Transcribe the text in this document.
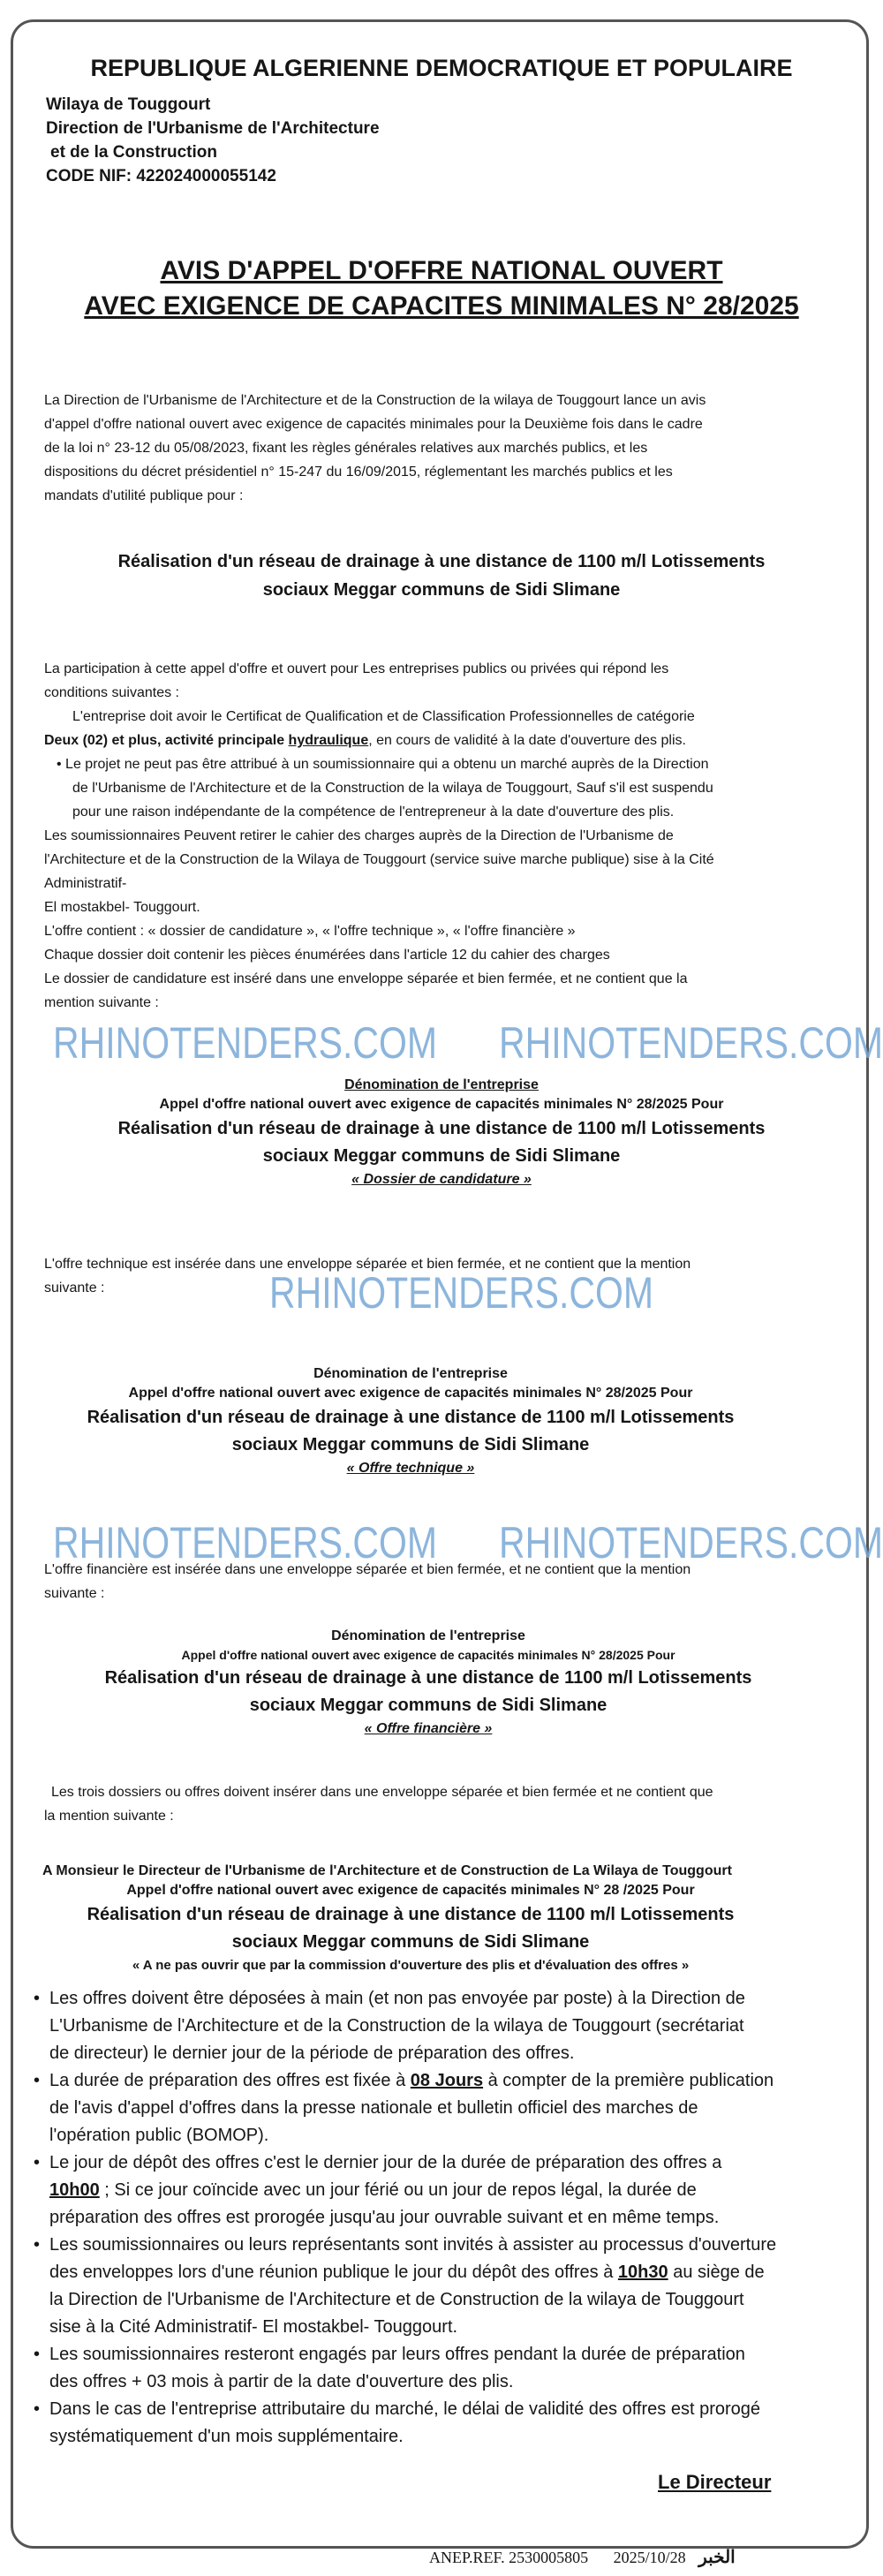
REPUBLIQUE ALGERIENNE DEMOCRATIQUE ET POPULAIRE
Wilaya de Touggourt
Direction de l'Urbanisme de l'Architecture
et de la Construction
CODE NIF: 422024000055142
AVIS D'APPEL D'OFFRE NATIONAL OUVERT
AVEC EXIGENCE DE CAPACITES MINIMALES N° 28/2025
La Direction de l'Urbanisme de l'Architecture et de la Construction de la wilaya de Touggourt lance un avis
d'appel d'offre national ouvert avec exigence de capacités minimales pour la Deuxième fois dans le cadre
de la loi n° 23-12 du 05/08/2023, fixant les règles générales relatives aux marchés publics, et les
dispositions du décret présidentiel n° 15-247 du 16/09/2015, réglementant les marchés publics et les
mandats d'utilité publique pour :
Réalisation d'un réseau de drainage à une distance de 1100 m/l Lotissements
sociaux Meggar communs de Sidi Slimane
La participation à cette appel d'offre et ouvert pour Les entreprises publics ou privées qui répond les
conditions suivantes :
L'entreprise doit avoir le Certificat de Qualification et de Classification Professionnelles de catégorie
Deux (02) et plus, activité principale hydraulique, en cours de validité à la date d'ouverture des plis.
• Le projet ne peut pas être attribué à un soumissionnaire qui a obtenu un marché auprès de la Direction
de l'Urbanisme de l'Architecture et de la Construction de la wilaya de Touggourt, Sauf s'il est suspendu
pour une raison indépendante de la compétence de l'entrepreneur à la date d'ouverture des plis.
Les soumissionnaires Peuvent retirer le cahier des charges auprès de la Direction de l'Urbanisme de
l'Architecture et de la Construction de la Wilaya de Touggourt (service suive marche publique) sise à la Cité
Administratif-
El mostakbel- Touggourt.
L'offre contient : « dossier de candidature », « l'offre technique », « l'offre financière »
Chaque dossier doit contenir les pièces énumérées dans l'article 12 du cahier des charges
Le dossier de candidature est inséré dans une enveloppe séparée et bien fermée, et ne contient que la
mention suivante :
RHINOTENDERS.COM RHINOTENDERS.COM
RHINOTENDERS.COM
RHINOTENDERS.COM RHINOTENDERS.COM
Dénomination de l'entreprise
Appel d'offre national ouvert avec exigence de capacités minimales N° 28/2025 Pour
Réalisation d'un réseau de drainage à une distance de 1100 m/l Lotissements
sociaux Meggar communs de Sidi Slimane
« Dossier de candidature »
L'offre technique est insérée dans une enveloppe séparée et bien fermée, et ne contient que la mention
suivante :
Dénomination de l'entreprise
Appel d'offre national ouvert avec exigence de capacités minimales N° 28/2025 Pour
Réalisation d'un réseau de drainage à une distance de 1100 m/l Lotissements
sociaux Meggar communs de Sidi Slimane
« Offre technique »
L'offre financière est insérée dans une enveloppe séparée et bien fermée, et ne contient que la mention
suivante :
Dénomination de l'entreprise
Appel d'offre national ouvert avec exigence de capacités minimales N° 28/2025 Pour
Réalisation d'un réseau de drainage à une distance de 1100 m/l Lotissements
sociaux Meggar communs de Sidi Slimane
« Offre financière »
Les trois dossiers ou offres doivent insérer dans une enveloppe séparée et bien fermée et ne contient que
la mention suivante :
A Monsieur le Directeur de l'Urbanisme de l'Architecture et de Construction de La Wilaya de Touggourt
Appel d'offre national ouvert avec exigence de capacités minimales N° 28 /2025 Pour
Réalisation d'un réseau de drainage à une distance de 1100 m/l Lotissements
sociaux Meggar communs de Sidi Slimane
« A ne pas ouvrir que par la commission d'ouverture des plis et d'évaluation des offres »
• Les offres doivent être déposées à main (et non pas envoyée par poste) à la Direction de
L'Urbanisme de l'Architecture et de la Construction de la wilaya de Touggourt (secrétariat
de directeur) le dernier jour de la période de préparation des offres.
• La durée de préparation des offres est fixée à 08 Jours à compter de la première publication
de l'avis d'appel d'offres dans la presse nationale et bulletin officiel des marches de
l'opération public (BOMOP).
• Le jour de dépôt des offres c'est le dernier jour de la durée de préparation des offres a
10h00 ; Si ce jour coïncide avec un jour férié ou un jour de repos légal, la durée de
préparation des offres est prorogée jusqu'au jour ouvrable suivant et en même temps.
• Les soumissionnaires ou leurs représentants sont invités à assister au processus d'ouverture
des enveloppes lors d'une réunion publique le jour du dépôt des offres à 10h30 au siège de
la Direction de l'Urbanisme de l'Architecture et de Construction de la wilaya de Touggourt
sise à la Cité Administratif- El mostakbel- Touggourt.
• Les soumissionnaires resteront engagés par leurs offres pendant la durée de préparation
des offres + 03 mois à partir de la date d'ouverture des plis.
• Dans le cas de l'entreprise attributaire du marché, le délai de validité des offres est prorogé
systématiquement d'un mois supplémentaire.
Le Directeur
ANEP.REF. 2530005805 2025/10/28 الخبر
